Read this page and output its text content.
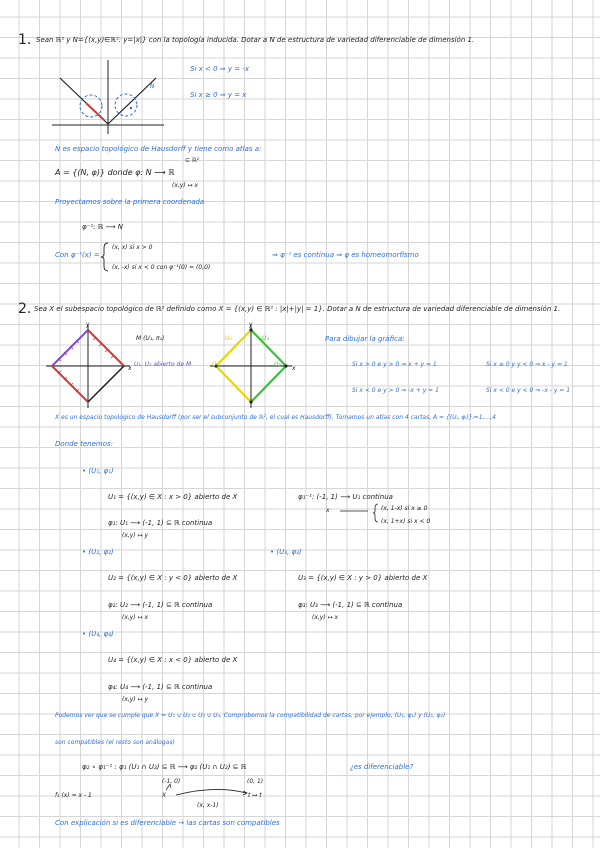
1. Sean ℝ² y N={(x,y)∈ℝ²: y=|x|} con la topología inducida. Dotar a N de estructura de variedad diferenciable de dimensión 1.
N
Si x < 0 ⇒ y = -x
Si x ≥ 0 ⇒ y = x
N es espacio topológico de Hausdorff y tiene como atlas a:
⊆ ℝ²
A = {(N, φ)} donde φ: N ⟶ ℝ
(x,y) ↦ x
Proyectamos sobre la primera coordenada
φ⁻¹: ℝ ⟶ N
Con φ⁻¹(x) =
(x, x) si x > 0
(x, -x) si x < 0 con φ⁻¹(0) = (0,0)
⇒ φ⁻¹ es continua ⇒ φ es homeomorfismo
2. Sea X el subespacio topológico de ℝ² definido como X = {(x,y) ∈ ℝ² : |x|+|y| = 1}. Dotar a N de estructura de variedad diferenciable de dimensión 1.
y
x
y
x
M (U₁, π₁)
U₁, U₂ abierto de M
U₂	U₄
U₁	U₃
Para dibujar la gráfica:
Si x > 0 e y > 0 ⇒ x + y = 1	Si x ≥ 0 y y < 0 ⇒ x - y = 1
Si x < 0 e y > 0 ⇒ -x + y = 1	Si x < 0 e y < 0 ⇒ -x - y = 1
X es un espacio topológico de Hausdorff (por ser el subconjunto de ℝ², el cual es Hausdorff). Tomamos un atlas con 4 cartas, A = {(Uᵢ, φᵢ)}ᵢ=1,...,4
Donde tenemos:
• (U₁, φ₁)
U₁ = {(x,y) ∈ X : x > 0} abierto de X
φ₁: U₁ ⟶ (-1, 1) ⊆ ℝ continua
(x,y) ↦ y
φ₁⁻¹: (-1, 1) ⟶ U₁ continua
x	(x, 1-x) si x ≥ 0
(x, 1+x) si x < 0
• (U₂, φ₂)
U₂ = {(x,y) ∈ X : y < 0} abierto de X
φ₂: U₂ ⟶ (-1, 1) ⊆ ℝ continua
(x,y) ↦ x
• (U₃, φ₃)
U₃ = {(x,y) ∈ X : y > 0} abierto de X
φ₃: U₃ ⟶ (-1, 1) ⊆ ℝ continua
(x,y) ↦ x
• (U₄, φ₄)
U₄ = {(x,y) ∈ X : x < 0} abierto de X
φ₄: U₄ ⟶ (-1, 1) ⊆ ℝ continua
(x,y) ↦ y
Podemos ver que se cumple que X = U₁ ∪ U₂ ∪ U₃ ∪ U₄. Comprobemos la compatibilidad de cartas, por ejemplo, (U₁, φ₁) y (U₂, φ₂)
son compatibles (el resto son análogas)
φ₂ ∘ φ₁⁻¹ : φ₁ (U₁ ∩ U₂) ⊆ ℝ ⟶ φ₂ (U₁ ∩ U₂) ⊆ ℝ	¿es diferenciable?
(-1, 0)	(0, 1)
f₁ (x) = x - 1	X
(x, x-1)
t ↦ t
Con explicación si es diferenciable → las cartas son compatibles
